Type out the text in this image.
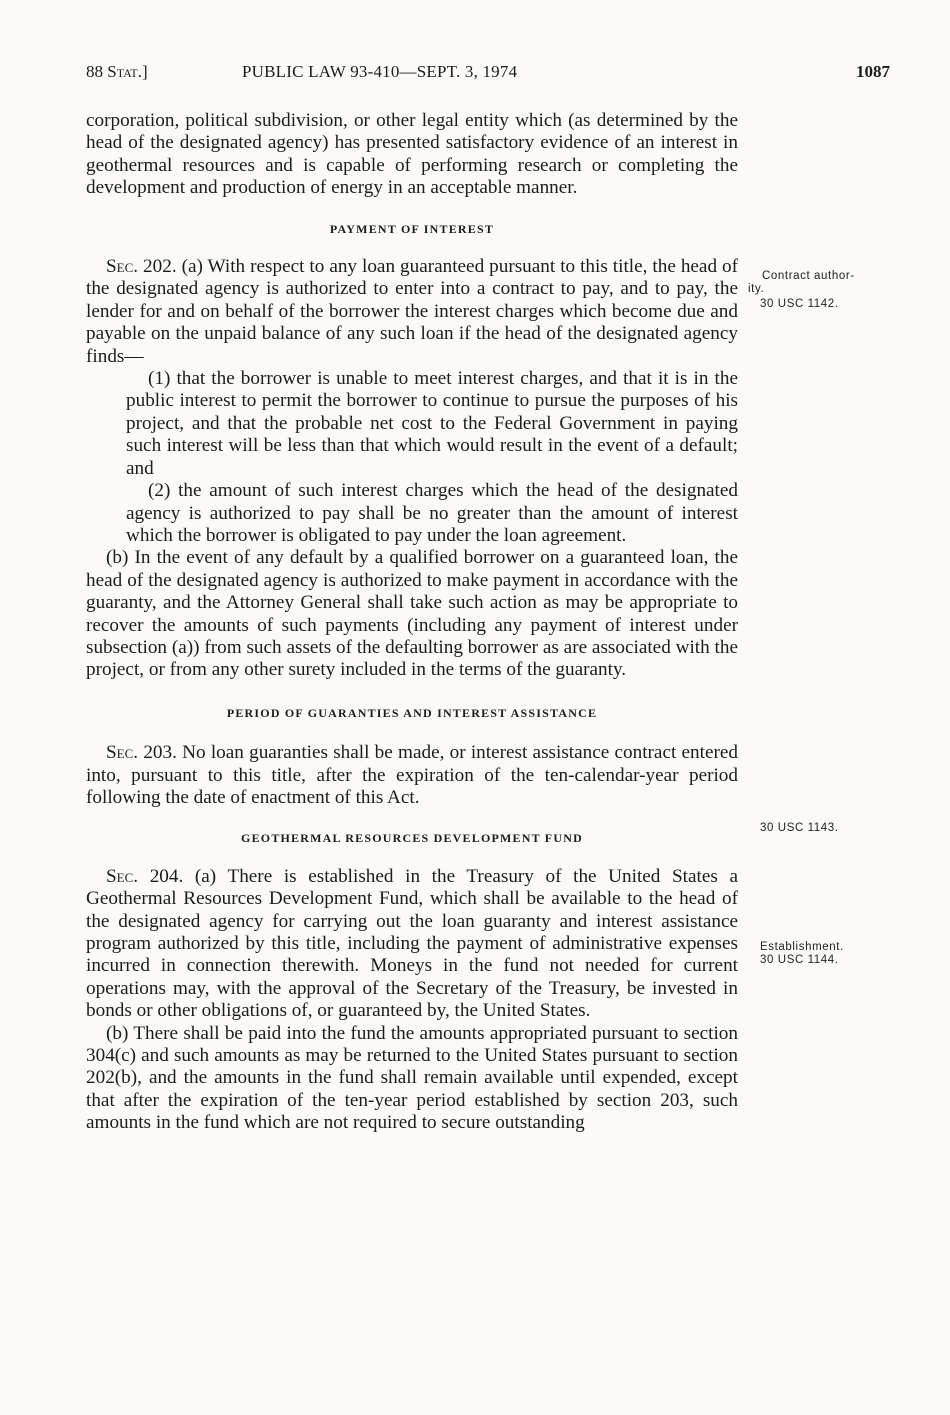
88 Stat.]	PUBLIC LAW 93-410—SEPT. 3, 1974	1087

corporation, political subdivision, or other legal entity which (as determined by the head of the designated agency) has presented satisfactory evidence of an interest in geothermal resources and is capable of performing research or completing the development and production of energy in an acceptable manner.

PAYMENT OF INTEREST

Sec. 202. (a) With respect to any loan guaranteed pursuant to this title, the head of the designated agency is authorized to enter into a contract to pay, and to pay, the lender for and on behalf of the borrower the interest charges which become due and payable on the unpaid balance of any such loan if the head of the designated agency finds—

(1) that the borrower is unable to meet interest charges, and that it is in the public interest to permit the borrower to continue to pursue the purposes of his project, and that the probable net cost to the Federal Government in paying such interest will be less than that which would result in the event of a default; and

(2) the amount of such interest charges which the head of the designated agency is authorized to pay shall be no greater than the amount of interest which the borrower is obligated to pay under the loan agreement.

(b) In the event of any default by a qualified borrower on a guaranteed loan, the head of the designated agency is authorized to make payment in accordance with the guaranty, and the Attorney General shall take such action as may be appropriate to recover the amounts of such payments (including any payment of interest under subsection (a)) from such assets of the defaulting borrower as are associated with the project, or from any other surety included in the terms of the guaranty.

PERIOD OF GUARANTIES AND INTEREST ASSISTANCE

Sec. 203. No loan guaranties shall be made, or interest assistance contract entered into, pursuant to this title, after the expiration of the ten-calendar-year period following the date of enactment of this Act.

GEOTHERMAL RESOURCES DEVELOPMENT FUND

Sec. 204. (a) There is established in the Treasury of the United States a Geothermal Resources Development Fund, which shall be available to the head of the designated agency for carrying out the loan guaranty and interest assistance program authorized by this title, including the payment of administrative expenses incurred in connection therewith. Moneys in the fund not needed for current operations may, with the approval of the Secretary of the Treasury, be invested in bonds or other obligations of, or guaranteed by, the United States.

(b) There shall be paid into the fund the amounts appropriated pursuant to section 304(c) and such amounts as may be returned to the United States pursuant to section 202(b), and the amounts in the fund shall remain available until expended, except that after the expiration of the ten-year period established by section 203, such amounts in the fund which are not required to secure outstanding

Contract author-
ity.
30 USC 1142.
30 USC 1143.
Establishment.
30 USC 1144.
